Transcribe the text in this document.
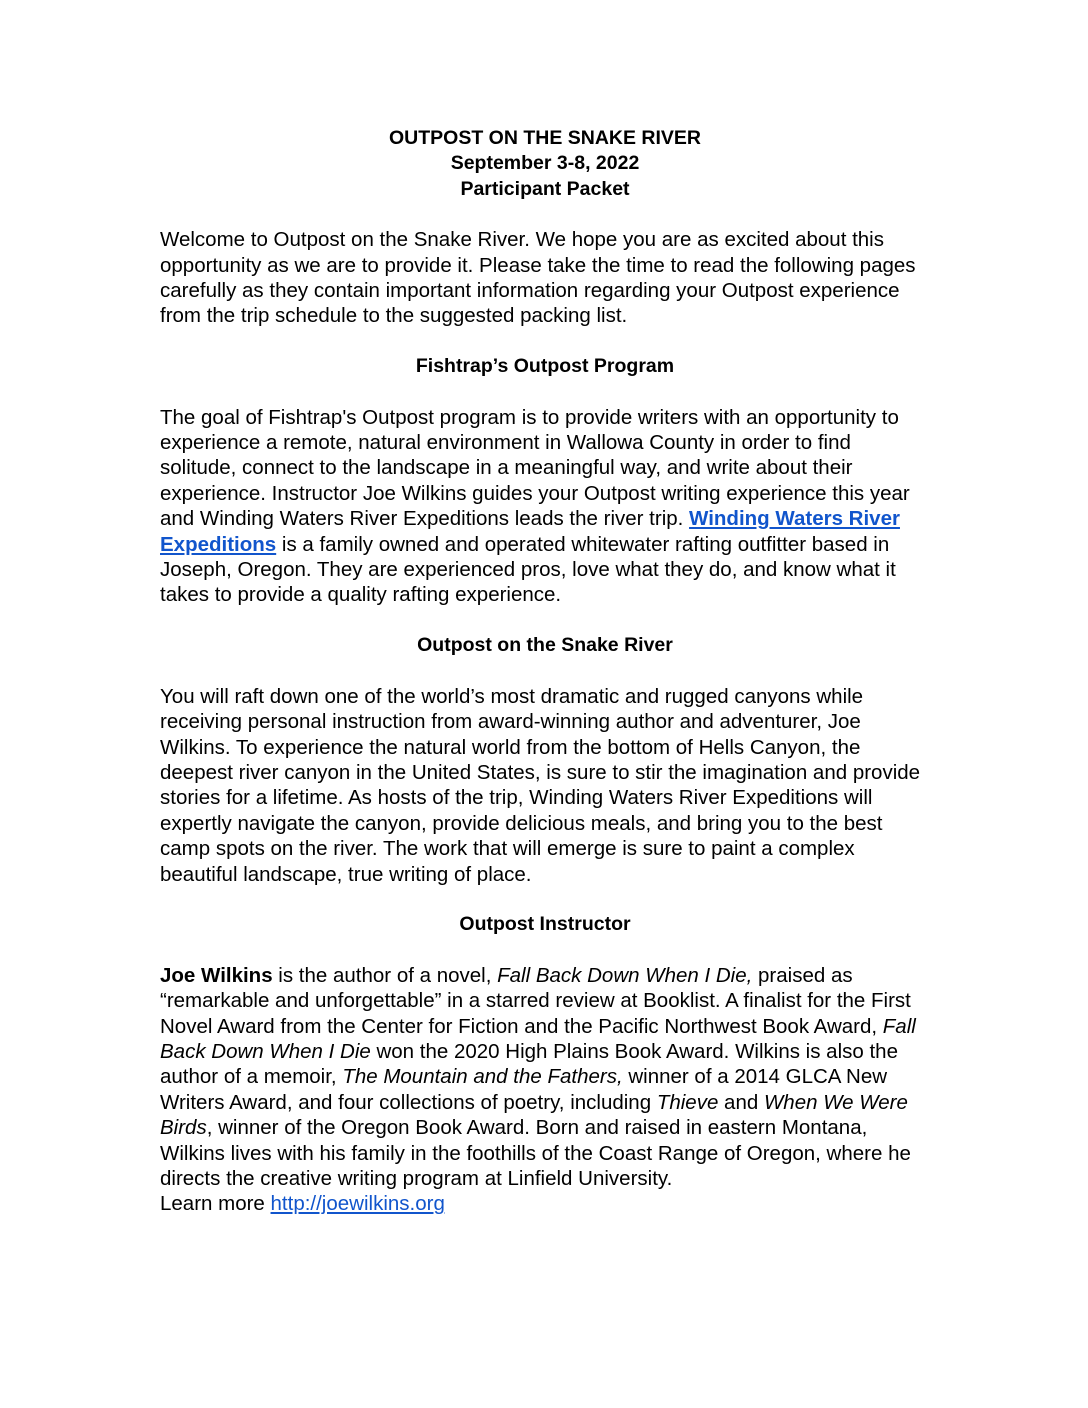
OUTPOST ON THE SNAKE RIVER
September 3-8, 2022
Participant Packet

Welcome to Outpost on the Snake River. We hope you are as excited about this opportunity as we are to provide it. Please take the time to read the following pages carefully as they contain important information regarding your Outpost experience from the trip schedule to the suggested packing list.

Fishtrap’s Outpost Program

The goal of Fishtrap's Outpost program is to provide writers with an opportunity to experience a remote, natural environment in Wallowa County in order to find solitude, connect to the landscape in a meaningful way, and write about their experience. Instructor Joe Wilkins guides your Outpost writing experience this year and Winding Waters River Expeditions leads the river trip. Winding Waters River Expeditions is a family owned and operated whitewater rafting outfitter based in Joseph, Oregon. They are experienced pros, love what they do, and know what it takes to provide a quality rafting experience.

Outpost on the Snake River

You will raft down one of the world’s most dramatic and rugged canyons while receiving personal instruction from award-winning author and adventurer, Joe Wilkins. To experience the natural world from the bottom of Hells Canyon, the deepest river canyon in the United States, is sure to stir the imagination and provide stories for a lifetime. As hosts of the trip, Winding Waters River Expeditions will expertly navigate the canyon, provide delicious meals, and bring you to the best camp spots on the river. The work that will emerge is sure to paint a complex beautiful landscape, true writing of place.

Outpost Instructor

Joe Wilkins is the author of a novel, Fall Back Down When I Die, praised as “remarkable and unforgettable” in a starred review at Booklist. A finalist for the First Novel Award from the Center for Fiction and the Pacific Northwest Book Award, Fall Back Down When I Die won the 2020 High Plains Book Award. Wilkins is also the author of a memoir, The Mountain and the Fathers, winner of a 2014 GLCA New Writers Award, and four collections of poetry, including Thieve and When We Were Birds, winner of the Oregon Book Award. Born and raised in eastern Montana, Wilkins lives with his family in the foothills of the Coast Range of Oregon, where he directs the creative writing program at Linfield University.
Learn more http://joewilkins.org
